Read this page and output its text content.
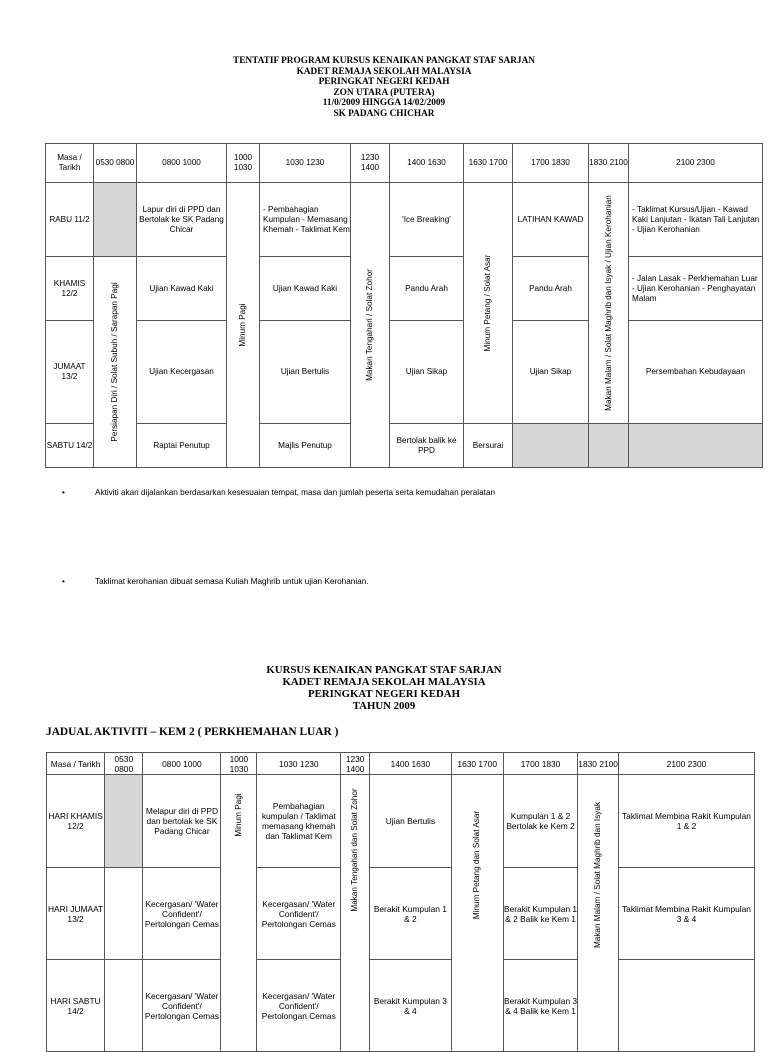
TENTATIF PROGRAM KURSUS KENAIKAN PANGKAT STAF SARJAN
KADET REMAJA SEKOLAH MALAYSIA
PERINGKAT NEGERI KEDAH
ZON UTARA (PUTERA)
11/0/2009 HINGGA 14/02/2009
SK PADANG CHICHAR
Masa / Tarikh	0530 0800	0800 1000	1000 1030	1030 1230	1230 1400	1400 1630	1630 1700	1700 1830	1830 2100	2100 2300
RABU 11/2		Lapur diri di PPD dan Bertolak ke SK Padang Chicar	Minum Pagi	- Pembahagian Kumpulan - Memasang Khemah - Taklimat Kem	Makan Tengahari / Solat Zohor	'Ice Breaking'	Minum Petang / Solat Asar	LATIHAN KAWAD	Makan Malam / Solat Maghrib dan Isyak / Ujian Kerohanian	- Taklimat Kursus/Ujian - Kawad Kaki Lanjutan - Ikatan Tali Lanjutan - Ujian Kerohanian
KHAMIS 12/2	Persiapan Diri / Solat Subuh / Sarapan Pagi	Ujian Kawad Kaki		Ujian Kawad Kaki		Pandu Arah		Pandu Arah		- Jalan Lasak - Perkhemahan Luar - Ujian Kerohanian - Penghayatan Malam
JUMAAT 13/2		Ujian Kecergasan		Ujian Bertulis		Ujian Sikap		Ujian Sikap		Persembahan Kebudayaan
SABTU 14/2		Raptai Penutup		Majlis Penutup		Bertolak balik ke PPD	Bersurai			
•	Aktiviti akan dijalankan berdasarkan kesesuaian tempat, masa dan jumlah peserta serta kemudahan peralatan
•	Taklimat kerohanian dibuat semasa Kuliah Maghrib untuk ujian Kerohanian.
KURSUS KENAIKAN PANGKAT STAF SARJAN
KADET REMAJA SEKOLAH MALAYSIA
PERINGKAT NEGERI KEDAH
TAHUN 2009
JADUAL AKTIVITI – KEM 2 ( PERKHEMAHAN LUAR )
Masa / Tarikh	0530 0800	0800 1000	1000 1030	1030 1230	1230 1400	1400 1630	1630 1700	1700 1830	1830 2100	2100 2300
HARI KHAMIS 12/2		Melapur diri di PPD dan bertolak ke SK Padang Chicar	Minum Pagi	Pembahagian kumpulan / Taklimat memasang khemah dan Taklimat Kem	Makan Tengahari dan Solat Zohor	Ujian Bertulis	Minum Petang dan Solat Asar	Kumpulan 1 & 2 Bertolak ke Kem 2	Makan Malam / Solat Maghrib dan Isyak	Taklimat Membina Rakit Kumpulan 1 & 2
HARI JUMAAT 13/2		Kecergasan/ 'Water Confident'/ Pertolongan Cemas		Kecergasan/ 'Water Confident'/ Pertolongan Cemas		Berakit Kumpulan 1 & 2		Berakit Kumpulan 1 & 2 Balik ke Kem 1		Taklimat Membina Rakit Kumpulan 3 & 4
HARI SABTU 14/2		Kecergasan/ 'Water Confident'/ Pertolongan Cemas		Kecergasan/ 'Water Confident'/ Pertolongan Cemas		Berakit Kumpulan 3 & 4		Berakit Kumpulan 3 & 4 Balik ke Kem 1		
